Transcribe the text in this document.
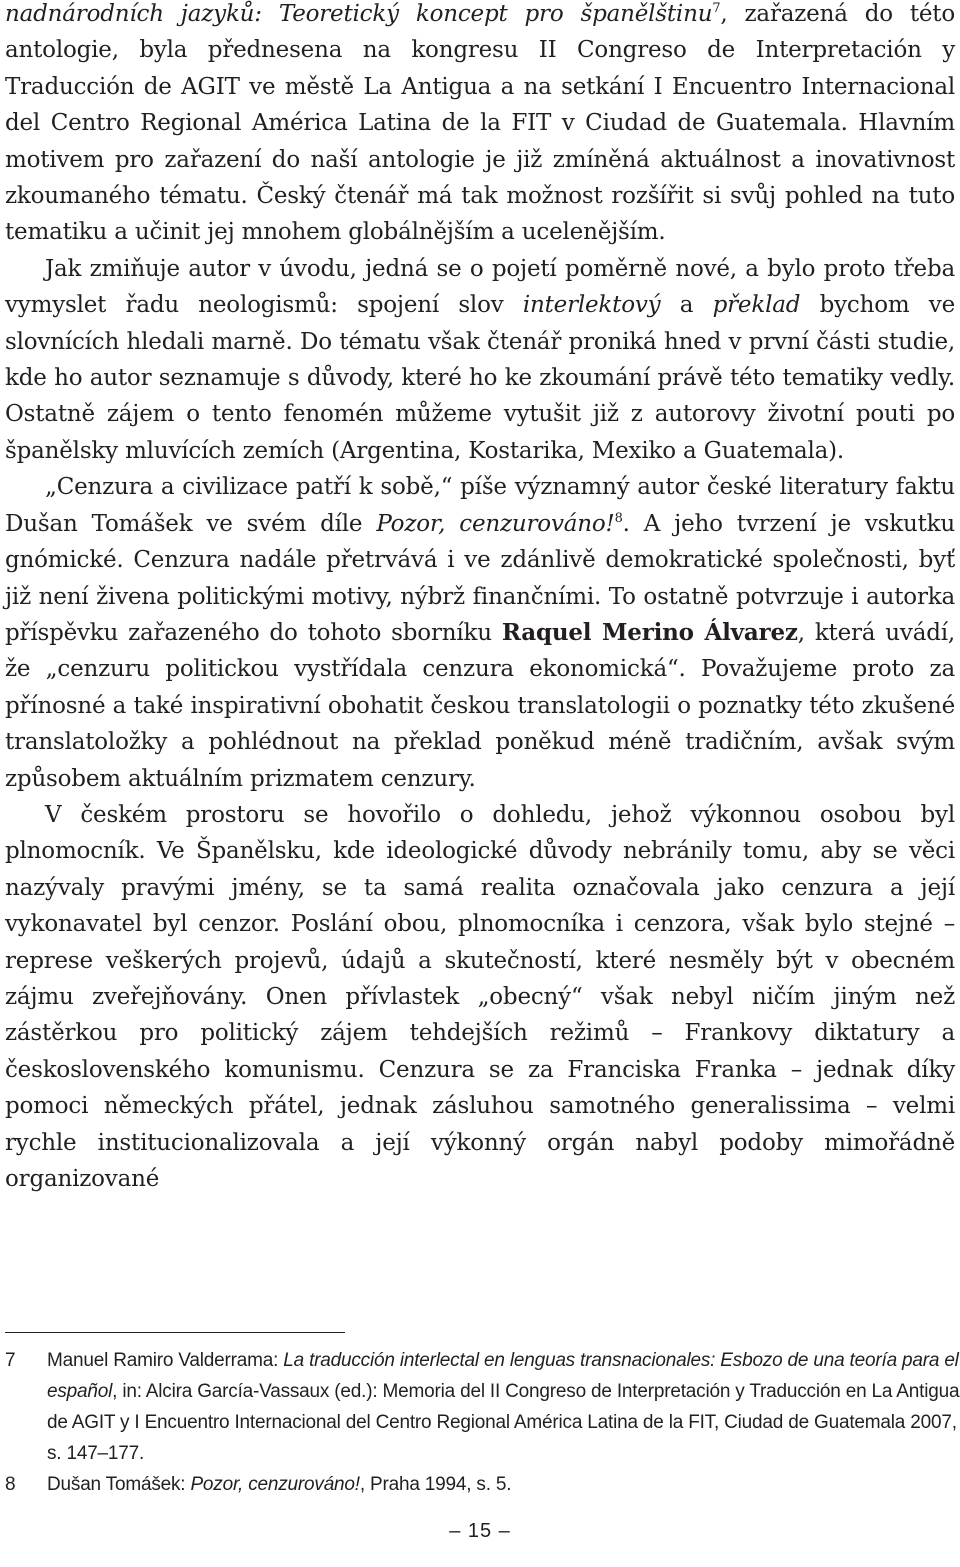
nadnárodních jazyků: Teoretický koncept pro španělštinu$^7$, zařazená do této antologie, byla přednesena na kongresu II Congreso de Interpretación y Traducción de AGIT ve městě La Antigua a na setkání I Encuentro Internacional del Centro Regional América Latina de la FIT v Ciudad de Guatemala. Hlavním motivem pro zařazení do naší antologie je již zmíněná aktuálnost a inovativnost zkoumaného tématu. Český čtenář má tak možnost rozšířit si svůj pohled na tuto tematiku a učinit jej mnohem globálnějším a ucelenějším.

Jak zmiňuje autor v úvodu, jedná se o pojetí poměrně nové, a bylo proto třeba vymyslet řadu neologismů: spojení slov interlektový a překlad bychom ve slovnících hledali marně. Do tématu však čtenář proniká hned v první části studie, kde ho autor seznamuje s důvody, které ho ke zkoumání právě této tematiky vedly. Ostatně zájem o tento fenomén můžeme vytušit již z autorovy životní pouti po španělsky mluvících zemích (Argentina, Kostarika, Mexiko a Guatemala).

„Cenzura a civilizace patří k sobě,“ píše významný autor české literatury faktu Dušan Tomášek ve svém díle Pozor, cenzurováno!$^8$. A jeho tvrzení je vskutku gnómické. Cenzura nadále přetrvává i ve zdánlivě demokratické společnosti, byť již není živena politickými motivy, nýbrž finančními. To ostatně potvrzuje i autorka příspěvku zařazeného do tohoto sborníku Raquel Merino Álvarez, která uvádí, že „cenzuru politickou vystřídala cenzura ekonomická“. Považujeme proto za přínosné a také inspirativní obohatit českou translatologii o poznatky této zkušené translatoložky a pohlédnout na překlad poněkud méně tradičním, avšak svým způsobem aktuálním prizmatem cenzury.

V českém prostoru se hovořilo o dohledu, jehož výkonnou osobou byl plnomocník. Ve Španělsku, kde ideologické důvody nebránily tomu, aby se věci nazývaly pravými jmény, se ta samá realita označovala jako cenzura a její vykonavatel byl cenzor. Poslání obou, plnomocníka i cenzora, však bylo stejné – represe veškerých projevů, údajů a skutečností, které nesměly být v obecném zájmu zveřejňovány. Onen přívlastek „obecný“ však nebyl ničím jiným než zástěrkou pro politický zájem tehdejších režimů – Frankovy diktatury a československého komunismu. Cenzura se za Franciska Franka – jednak díky pomoci německých přátel, jednak zásluhou samotného generalissima – velmi rychle institucionalizovala a její výkonný orgán nabyl podoby mimořádně organizované

7	Manuel Ramiro Valderrama: La traducción interlectal en lenguas transnacionales: Esbozo de una teoría para el español, in: Alcira García-Vassaux (ed.): Memoria del II Congreso de Interpretación y Traducción en La Antigua de AGIT y I Encuentro Internacional del Centro Regional América Latina de la FIT, Ciudad de Guatemala 2007, s. 147–177.
8	Dušan Tomášek: Pozor, cenzurováno!, Praha 1994, s. 5.
– 15 –
